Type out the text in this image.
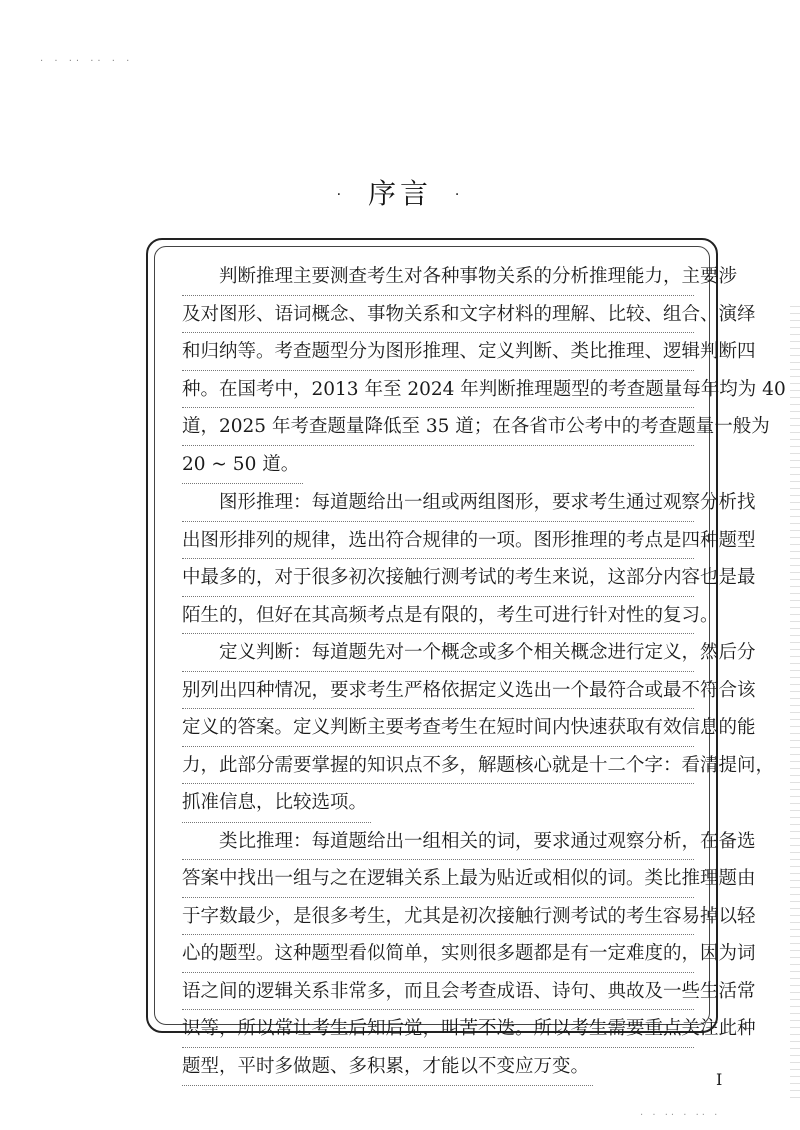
· · ·· ·· · ·
· 序言 ·
判断推理主要测查考生对各种事物关系的分析推理能力，主要涉
及对图形、语词概念、事物关系和文字材料的理解、比较、组合、演绎
和归纳等。考查题型分为图形推理、定义判断、类比推理、逻辑判断四
种。在国考中，2013 年至 2024 年判断推理题型的考查题量每年均为 40
道，2025 年考查题量降低至 35 道；在各省市公考中的考查题量一般为
20 ~ 50 道。
图形推理：每道题给出一组或两组图形，要求考生通过观察分析找
出图形排列的规律，选出符合规律的一项。图形推理的考点是四种题型
中最多的，对于很多初次接触行测考试的考生来说，这部分内容也是最
陌生的，但好在其高频考点是有限的，考生可进行针对性的复习。
定义判断：每道题先对一个概念或多个相关概念进行定义，然后分
别列出四种情况，要求考生严格依据定义选出一个最符合或最不符合该
定义的答案。定义判断主要考查考生在短时间内快速获取有效信息的能
力，此部分需要掌握的知识点不多，解题核心就是十二个字：看清提问，
抓准信息，比较选项。
类比推理：每道题给出一组相关的词，要求通过观察分析，在备选
答案中找出一组与之在逻辑关系上最为贴近或相似的词。类比推理题由
于字数最少，是很多考生，尤其是初次接触行测考试的考生容易掉以轻
心的题型。这种题型看似简单，实则很多题都是有一定难度的，因为词
语之间的逻辑关系非常多，而且会考查成语、诗句、典故及一些生活常
识等，所以常让考生后知后觉，叫苦不迭。所以考生需要重点关注此种
题型，平时多做题、多积累，才能以不变应万变。
I
· · ·· · ·· ·
